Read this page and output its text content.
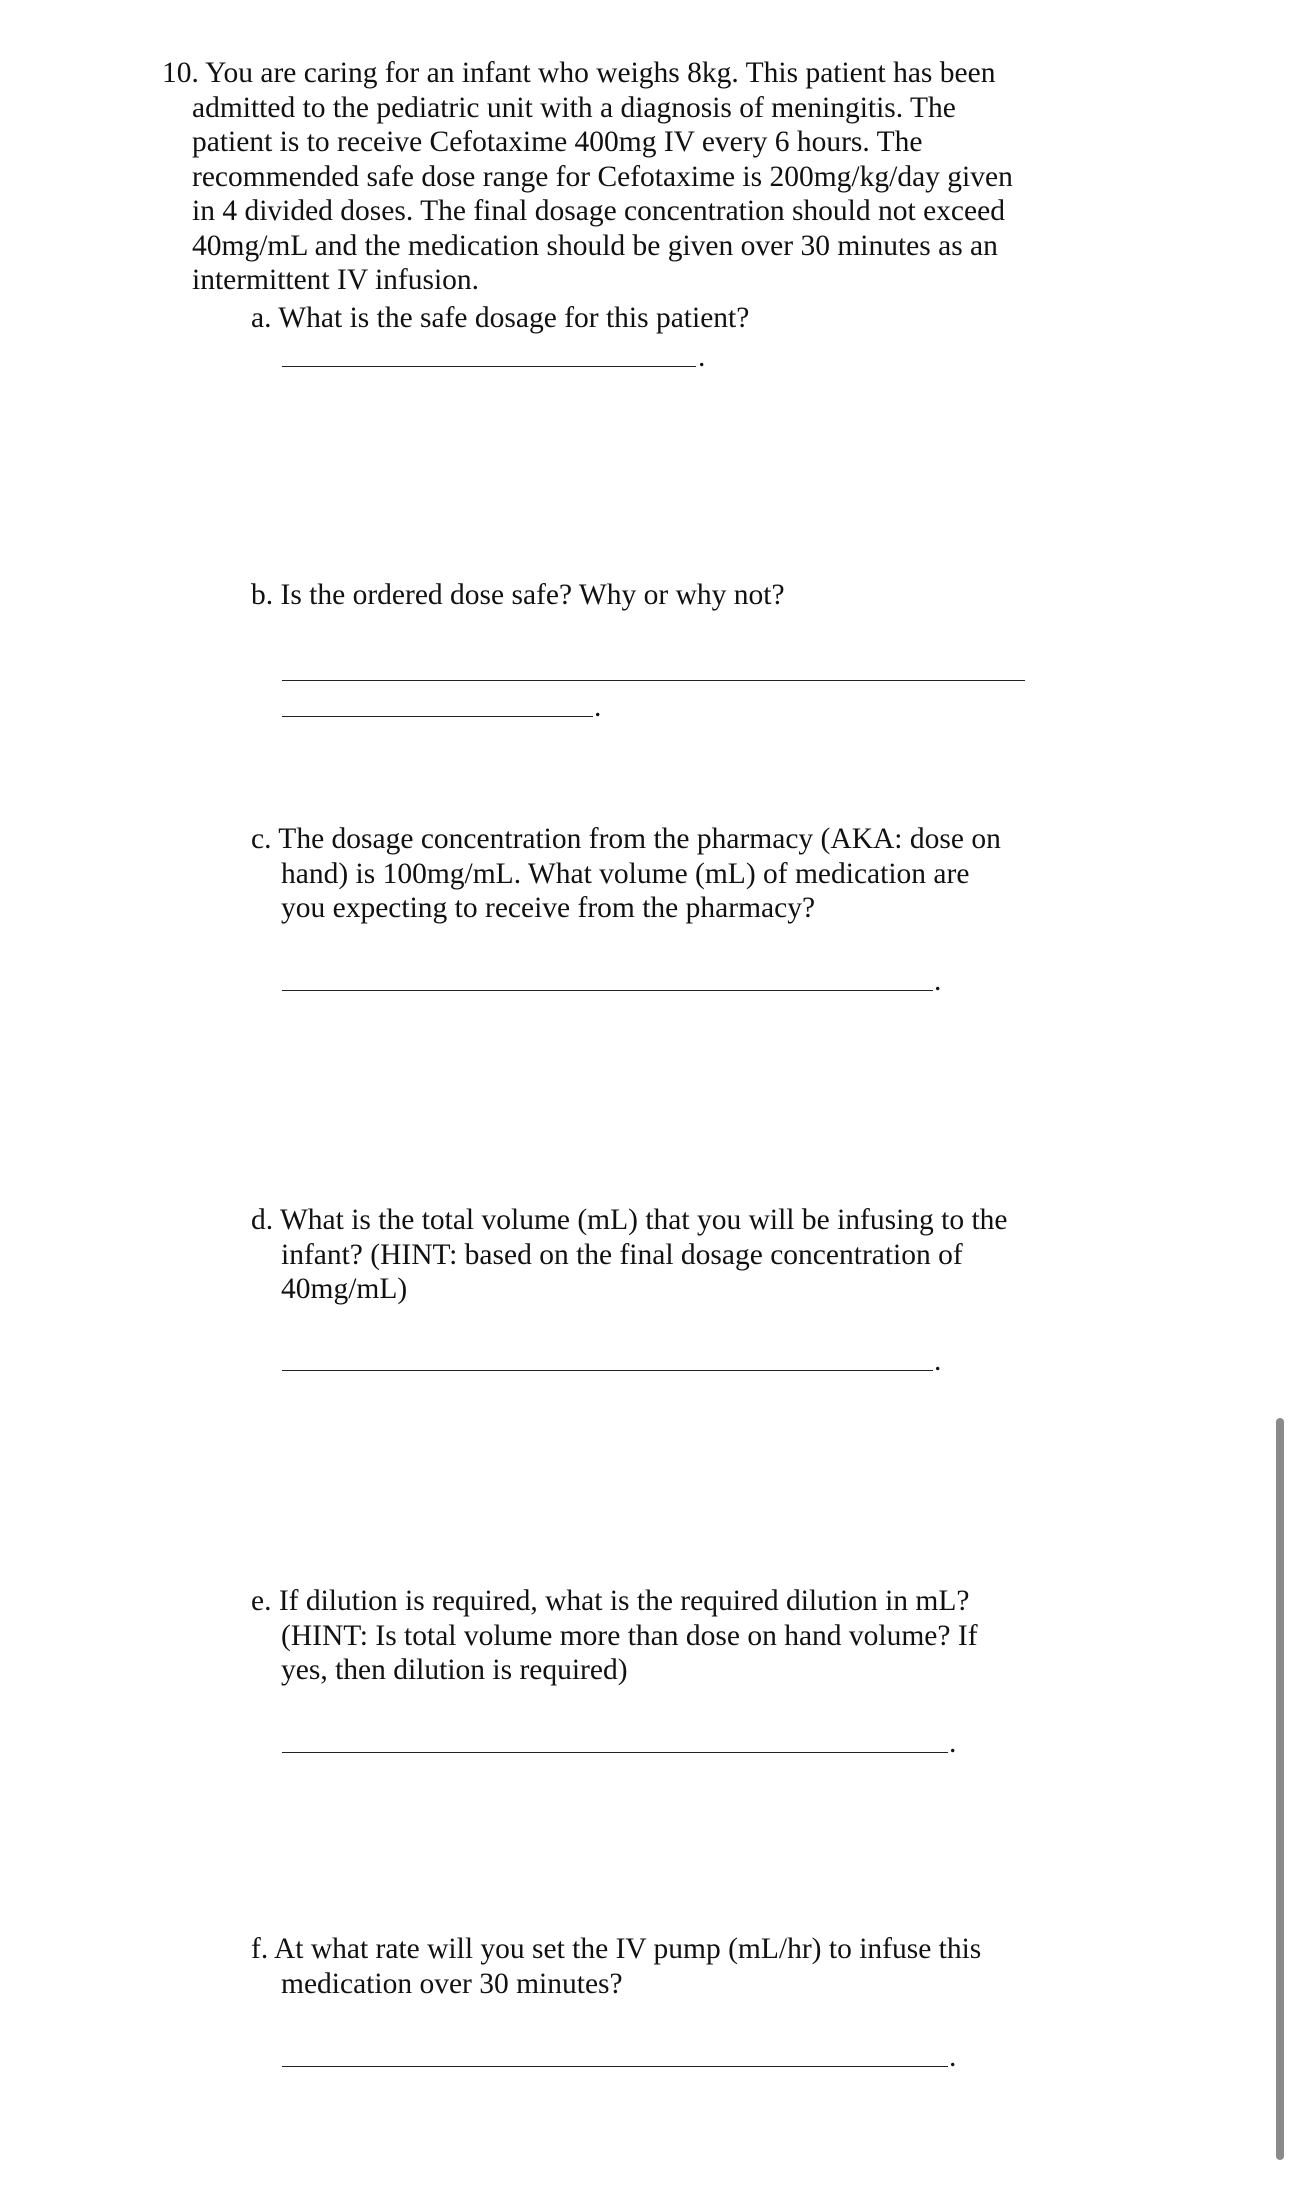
10. You are caring for an infant who weighs 8kg. This patient has been
admitted to the pediatric unit with a diagnosis of meningitis. The
patient is to receive Cefotaxime 400mg IV every 6 hours. The
recommended safe dose range for Cefotaxime is 200mg/kg/day given
in 4 divided doses. The final dosage concentration should not exceed
40mg/mL and the medication should be given over 30 minutes as an
intermittent IV infusion.
a. What is the safe dosage for this patient?
.
b. Is the ordered dose safe? Why or why not?
.
c. The dosage concentration from the pharmacy (AKA: dose on
hand) is 100mg/mL. What volume (mL) of medication are
you expecting to receive from the pharmacy?
.
d. What is the total volume (mL) that you will be infusing to the
infant? (HINT: based on the final dosage concentration of
40mg/mL)
.
e. If dilution is required, what is the required dilution in mL?
(HINT: Is total volume more than dose on hand volume? If
yes, then dilution is required)
.
f. At what rate will you set the IV pump (mL/hr) to infuse this
medication over 30 minutes?
.
